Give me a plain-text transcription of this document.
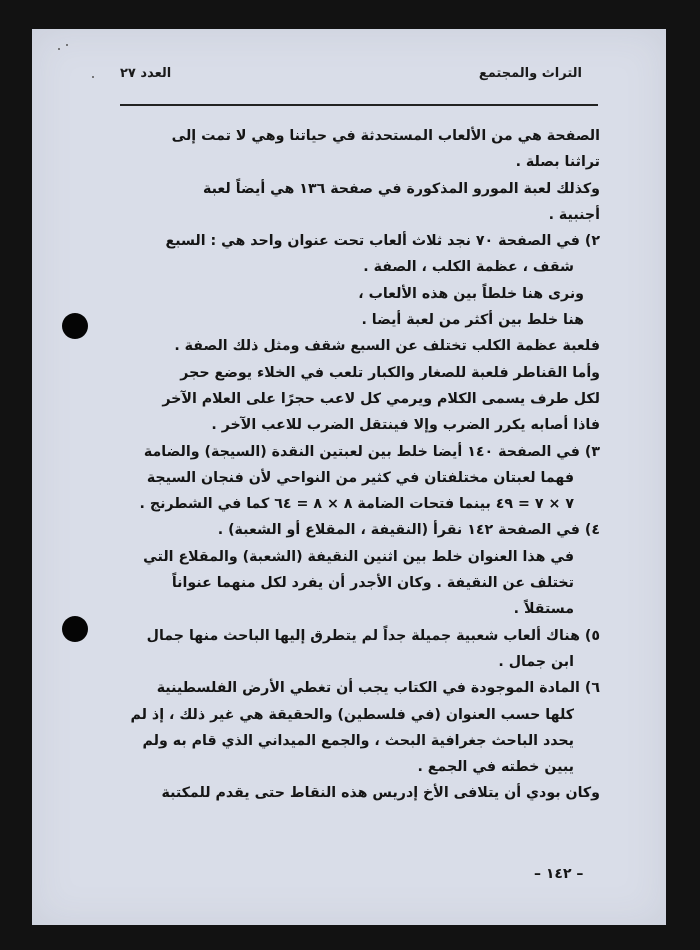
العدد ٢٧	التراث والمجتمع
الصفحة هي من الألعاب المستحدثة في حياتنا وهي لا تمت إلى
تراثنا بصلة .
وكذلك لعبة المورو المذكورة في صفحة ١٣٦ هي أيضاً لعبة
أجنبية .
٢) في الصفحة ٧٠ نجد ثلاث ألعاب تحت عنوان واحد هي : السبع
شقف ، عظمة الكلب ، الصفة .
ونرى هنا خلطاً بين هذه الألعاب ،
هنا خلط بين أكثر من لعبة أيضا .
فلعبة عظمة الكلب تختلف عن السبع شقف ومثل ذلك الصفة .
وأما القناطر فلعبة للصغار والكبار تلعب في الخلاء يوضع حجر
لكل طرف يسمى الكلام ويرمي كل لاعب حجرًا على العلام الآخر
فاذا أصابه يكرر الضرب وإلا فينتقل الضرب للاعب الآخر .
٣) في الصفحة ١٤٠ أيضا خلط بين لعبتين النقدة (السيجة) والضامة
فهما لعبتان مختلفتان في كثير من النواحي لأن فنجان السيجة
٧ × ٧ = ٤٩ بينما فتحات الضامة ٨ × ٨ = ٦٤ كما في الشطرنج .
٤) في الصفحة ١٤٢ نقرأ (النقيفة ، المقلاع أو الشعبة) .
في هذا العنوان خلط بين اثنين النقيفة (الشعبة) والمقلاع التي
تختلف عن النقيفة . وكان الأجدر أن يفرد لكل منهما عنواناً
مستقلاً .
٥) هناك ألعاب شعبية جميلة جداً لم يتطرق إليها الباحث منها جمال
ابن جمال .
٦) المادة الموجودة في الكتاب يجب أن تغطي الأرض الفلسطينية
كلها حسب العنوان (في فلسطين) والحقيقة هي غير ذلك ، إذ لم
يحدد الباحث جغرافية البحث ، والجمع الميداني الذي قام به ولم
يبين خطته في الجمع .
وكان بودي أن يتلافى الأخ إدريس هذه النقاط حتى يقدم للمكتبة
– ١٤٢ –
